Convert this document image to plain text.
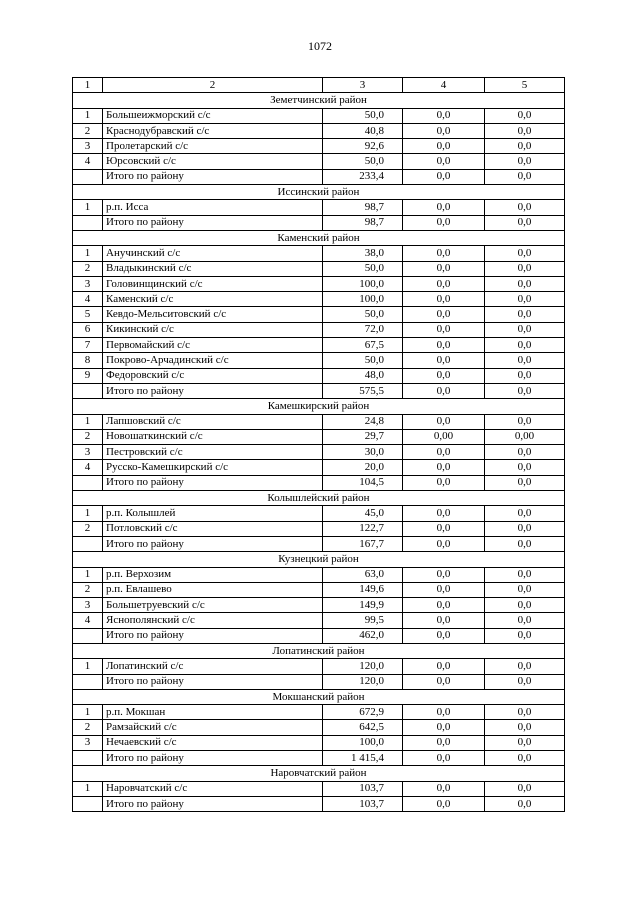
1072
1	2	3	4	5
Земетчинский район				
1	Большеижморский с/с	50,0	0,0	0,0
2	Краснодубравский с/с	40,8	0,0	0,0
3	Пролетарский с/с	92,6	0,0	0,0
4	Юрсовский с/с	50,0	0,0	0,0
	Итого по району	233,4	0,0	0,0
Иссинский район				
1	р.п. Исса	98,7	0,0	0,0
	Итого по району	98,7	0,0	0,0
Каменский район				
1	Анучинский с/с	38,0	0,0	0,0
2	Владыкинский с/с	50,0	0,0	0,0
3	Головинщинский с/с	100,0	0,0	0,0
4	Каменский с/с	100,0	0,0	0,0
5	Кевдо-Мельситовский с/с	50,0	0,0	0,0
6	Кикинский с/с	72,0	0,0	0,0
7	Первомайский с/с	67,5	0,0	0,0
8	Покрово-Арчадинский с/с	50,0	0,0	0,0
9	Федоровский с/с	48,0	0,0	0,0
	Итого по району	575,5	0,0	0,0
Камешкирский район				
1	Лапшовский с/с	24,8	0,0	0,0
2	Новошаткинский с/с	29,7	0,00	0,00
3	Пестровский с/с	30,0	0,0	0,0
4	Русско-Камешкирский с/с	20,0	0,0	0,0
	Итого по району	104,5	0,0	0,0
Колышлейский район				
1	р.п. Колышлей	45,0	0,0	0,0
2	Потловский с/с	122,7	0,0	0,0
	Итого по району	167,7	0,0	0,0
Кузнецкий район				
1	р.п. Верхозим	63,0	0,0	0,0
2	р.п. Евлашево	149,6	0,0	0,0
3	Большетруевский с/с	149,9	0,0	0,0
4	Яснополянский с/с	99,5	0,0	0,0
	Итого по району	462,0	0,0	0,0
Лопатинский район				
1	Лопатинский с/с	120,0	0,0	0,0
	Итого по району	120,0	0,0	0,0
Мокшанский район				
1	р.п. Мокшан	672,9	0,0	0,0
2	Рамзайский с/с	642,5	0,0	0,0
3	Нечаевский с/с	100,0	0,0	0,0
	Итого по району	1 415,4	0,0	0,0
Наровчатский район				
1	Наровчатский с/с	103,7	0,0	0,0
	Итого по району	103,7	0,0	0,0
